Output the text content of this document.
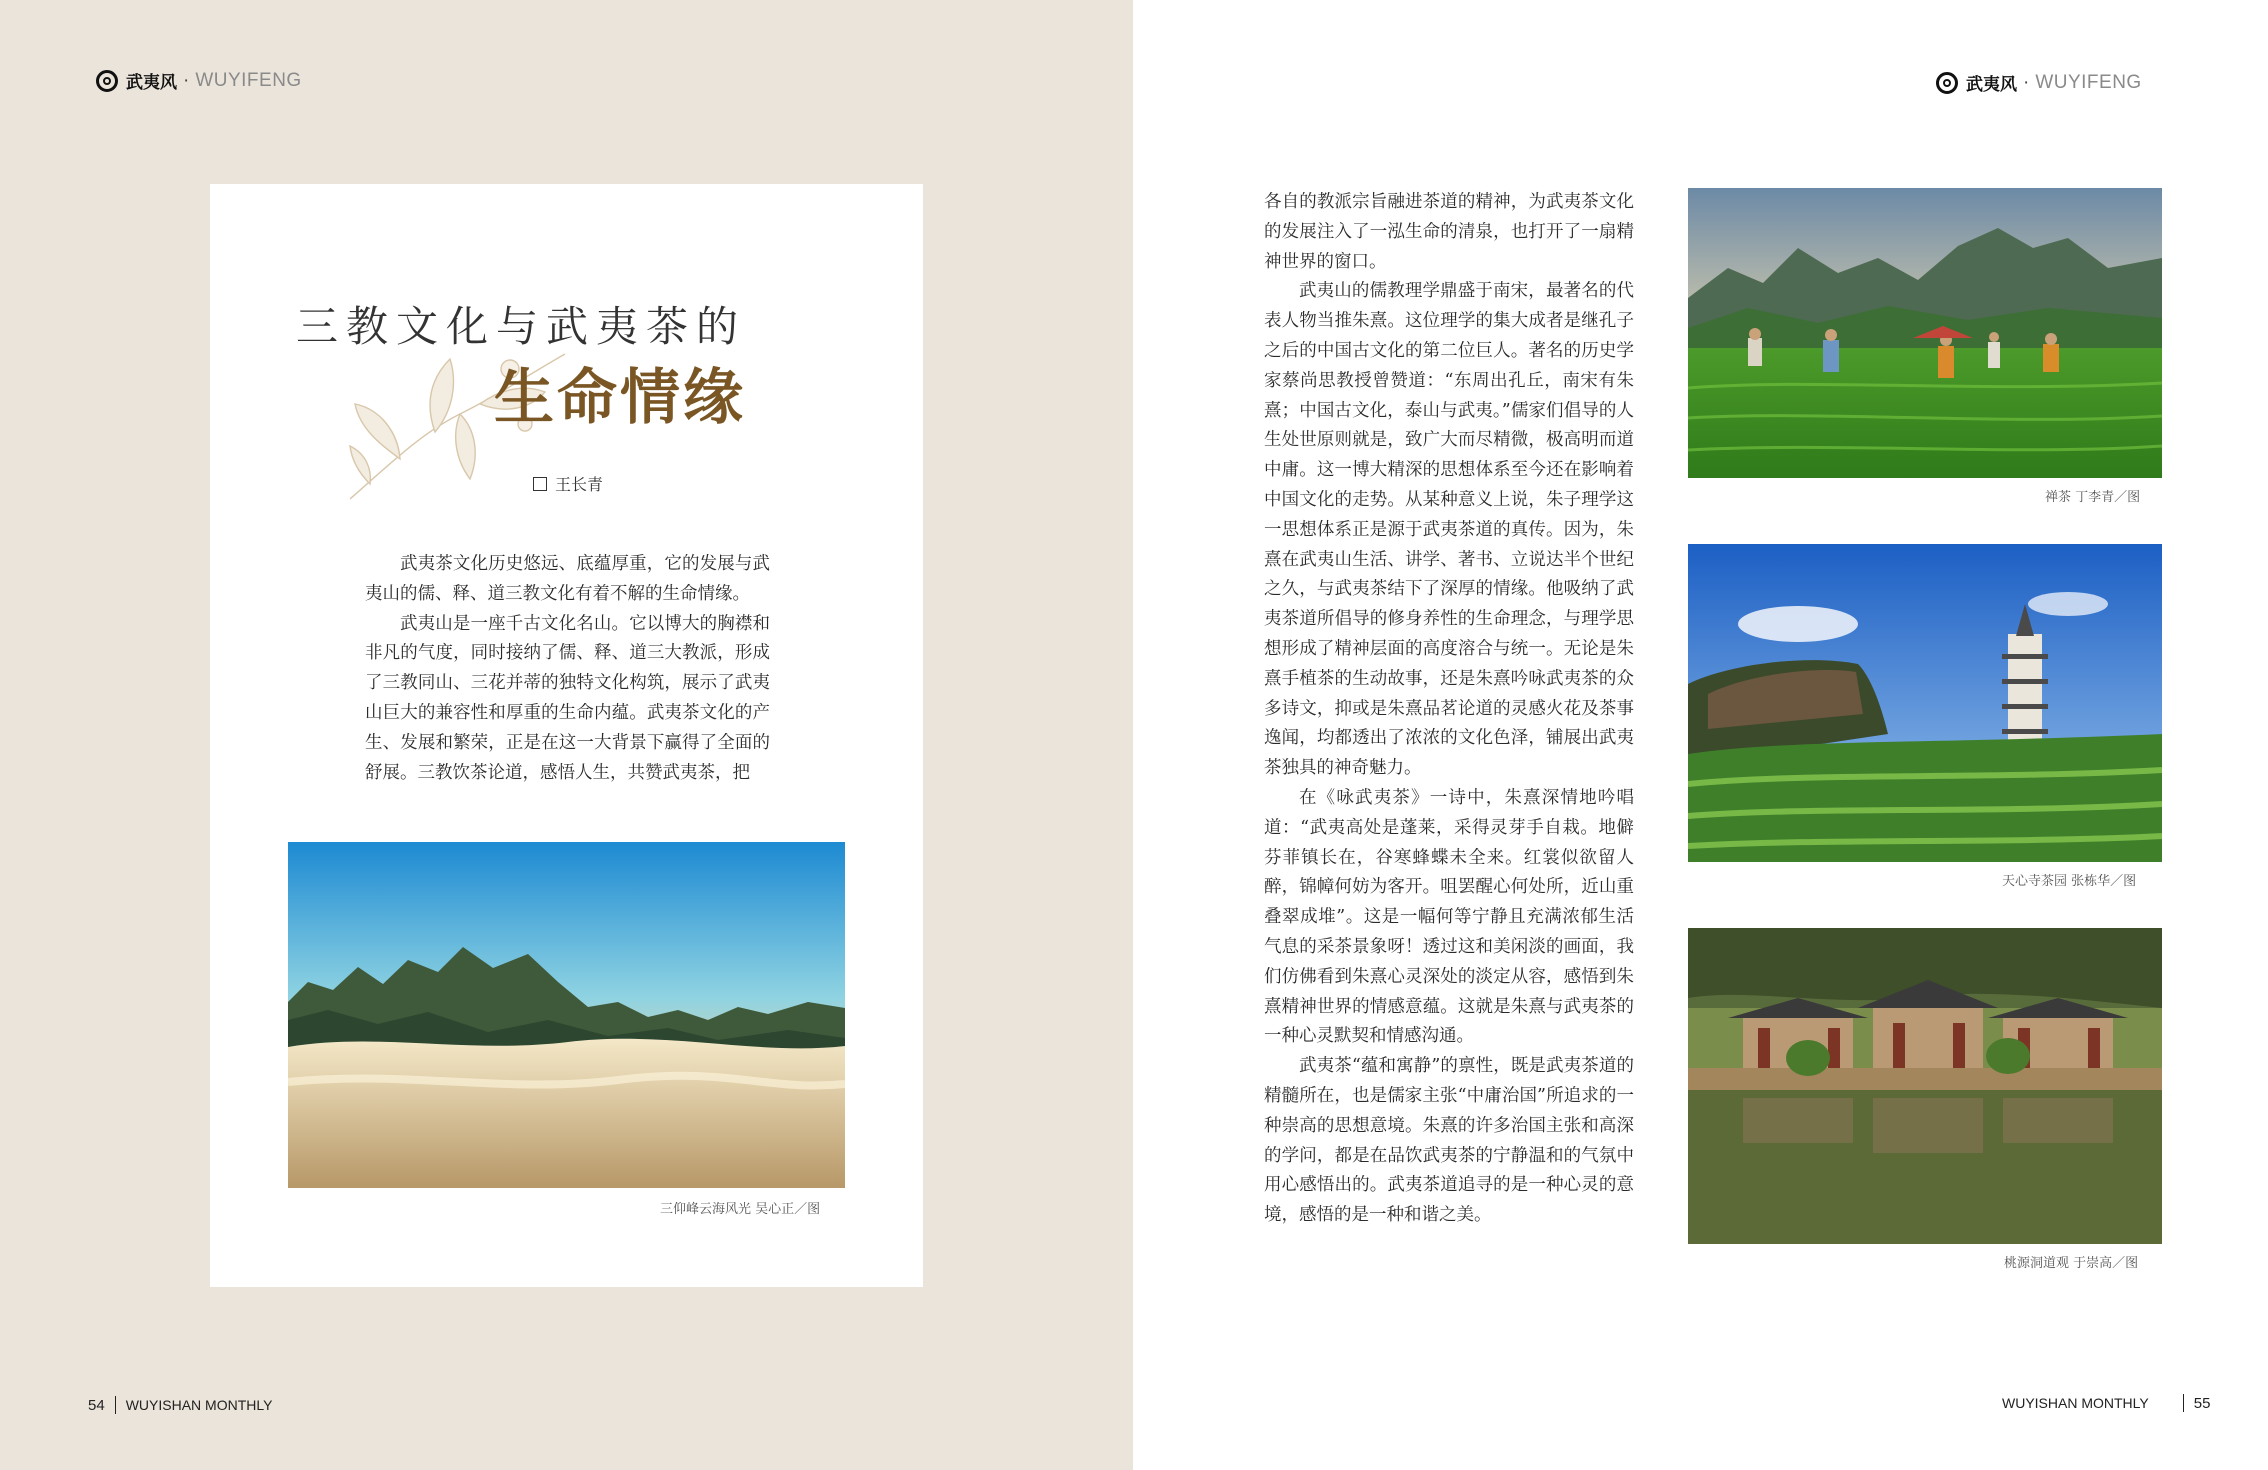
武夷风 · WUYIFENG
三教文化与武夷茶的
生命情缘
王长青

武夷茶文化历史悠远、底蕴厚重，它的发展与武夷山的儒、释、道三教文化有着不解的生命情缘。

武夷山是一座千古文化名山。它以博大的胸襟和非凡的气度，同时接纳了儒、释、道三大教派，形成了三教同山、三花并蒂的独特文化构筑，展示了武夷山巨大的兼容性和厚重的生命内蕴。武夷茶文化的产生、发展和繁荣，正是在这一大背景下赢得了全面的舒展。三教饮茶论道，感悟人生，共赞武夷茶，把

三仰峰云海风光 吴心正／图
54 WUYISHAN MONTHLY
武夷风 · WUYIFENG

各自的教派宗旨融进茶道的精神，为武夷茶文化的发展注入了一泓生命的清泉，也打开了一扇精神世界的窗口。

武夷山的儒教理学鼎盛于南宋，最著名的代表人物当推朱熹。这位理学的集大成者是继孔子之后的中国古文化的第二位巨人。著名的历史学家蔡尚思教授曾赞道：“东周出孔丘，南宋有朱熹；中国古文化，泰山与武夷。”儒家们倡导的人生处世原则就是，致广大而尽精微，极高明而道中庸。这一博大精深的思想体系至今还在影响着中国文化的走势。从某种意义上说，朱子理学这一思想体系正是源于武夷茶道的真传。因为，朱熹在武夷山生活、讲学、著书、立说达半个世纪之久，与武夷茶结下了深厚的情缘。他吸纳了武夷茶道所倡导的修身养性的生命理念，与理学思想形成了精神层面的高度溶合与统一。无论是朱熹手植茶的生动故事，还是朱熹吟咏武夷茶的众多诗文，抑或是朱熹品茗论道的灵感火花及茶事逸闻，均都透出了浓浓的文化色泽，铺展出武夷茶独具的神奇魅力。

在《咏武夷茶》一诗中，朱熹深情地吟唱道：“武夷高处是蓬莱，采得灵芽手自栽。地僻芬菲镇长在，谷寒蜂蝶未全来。红裳似欲留人醉，锦幛何妨为客开。咀罢醒心何处所，近山重叠翠成堆”。这是一幅何等宁静且充满浓郁生活气息的采茶景象呀！透过这和美闲淡的画面，我们仿佛看到朱熹心灵深处的淡定从容，感悟到朱熹精神世界的情感意蕴。这就是朱熹与武夷茶的一种心灵默契和情感沟通。

武夷茶“蕴和寓静”的禀性，既是武夷茶道的精髓所在，也是儒家主张“中庸治国”所追求的一种崇高的思想意境。朱熹的许多治国主张和高深的学问，都是在品饮武夷茶的宁静温和的气氛中用心感悟出的。武夷茶道追寻的是一种心灵的意境，感悟的是一种和谐之美。

禅茶 丁李青／图
天心寺茶园 张栋华／图
桃源洞道观 于崇高／图
WUYISHAN MONTHLY	55
